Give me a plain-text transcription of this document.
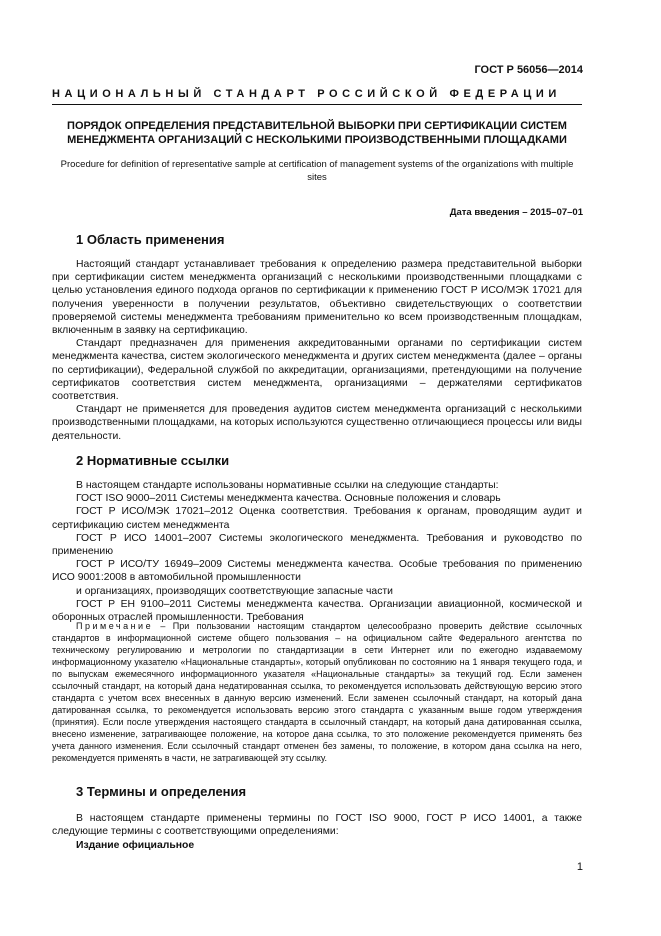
ГОСТ Р 56056—2014
НАЦИОНАЛЬНЫЙ СТАНДАРТ РОССИЙСКОЙ ФЕДЕРАЦИИ
ПОРЯДОК ОПРЕДЕЛЕНИЯ ПРЕДСТАВИТЕЛЬНОЙ ВЫБОРКИ ПРИ СЕРТИФИКАЦИИ СИСТЕМ МЕНЕДЖМЕНТА ОРГАНИЗАЦИЙ С НЕСКОЛЬКИМИ ПРОИЗВОДСТВЕННЫМИ ПЛОЩАДКАМИ
Procedure for definition of representative sample at certification of management systems of the organizations with multiple sites
Дата введения – 2015–07–01
1 Область применения

Настоящий стандарт устанавливает требования к определению размера представительной выборки при сертификации систем менеджмента организаций с несколькими производственными площадками с целью установления единого подхода органов по сертификации к применению ГОСТ Р ИСО/МЭК 17021 для получения уверенности в получении результатов, объективно свидетельствующих о соответствии проверяемой системы менеджмента требованиям применительно ко всем производственным площадкам, включенным в заявку на сертификацию.

Стандарт предназначен для применения аккредитованными органами по сертификации систем менеджмента качества, систем экологического менеджмента и других систем менеджмента (далее – органы по сертификации), Федеральной службой по аккредитации, организациями, претендующими на получение сертификатов соответствия систем менеджмента, организациями – держателями сертификатов соответствия.

Стандарт не применяется для проведения аудитов систем менеджмента организаций с несколькими производственными площадками, на которых используются существенно отличающиеся процессы или виды деятельности.

2 Нормативные ссылки

В настоящем стандарте использованы нормативные ссылки на следующие стандарты:

ГОСТ ISO 9000–2011 Системы менеджмента качества. Основные положения и словарь

ГОСТ Р ИСО/МЭК 17021–2012 Оценка соответствия. Требования к органам, проводящим аудит и сертификацию систем менеджмента

ГОСТ Р ИСО 14001–2007 Системы экологического менеджмента. Требования и руководство по применению

ГОСТ Р ИСО/ТУ 16949–2009 Системы менеджмента качества. Особые требования по применению ИСО 9001:2008 в автомобильной промышленности

и организациях, производящих соответствующие запасные части

ГОСТ Р ЕН 9100–2011 Системы менеджмента качества. Организации авиационной, космической и оборонных отраслей промышленности. Требования

Примечание – При пользовании настоящим стандартом целесообразно проверить действие ссылочных стандартов в информационной системе общего пользования – на официальном сайте Федерального агентства по техническому регулированию и метрологии по стандартизации в сети Интернет или по ежегодно издаваемому информационному указателю «Национальные стандарты», который опубликован по состоянию на 1 января текущего года, и по выпускам ежемесячного информационного указателя «Национальные стандарты» за текущий год. Если заменен ссылочный стандарт, на который дана недатированная ссылка, то рекомендуется использовать действующую версию этого стандарта с учетом всех внесенных в данную версию изменений. Если заменен ссылочный стандарт, на который дана датированная ссылка, то рекомендуется использовать версию этого стандарта с указанным выше годом утверждения (принятия). Если после утверждения настоящего стандарта в ссылочный стандарт, на который дана датированная ссылка, внесено изменение, затрагивающее положение, на которое дана ссылка, то это положение рекомендуется применять без учета данного изменения. Если ссылочный стандарт отменен без замены, то положение, в котором дана ссылка на него, рекомендуется применять в части, не затрагивающей эту ссылку.

3 Термины и определения

В настоящем стандарте применены термины по ГОСТ ISO 9000, ГОСТ Р ИСО 14001, а также следующие термины с соответствующими определениями:

Издание официальное
1
